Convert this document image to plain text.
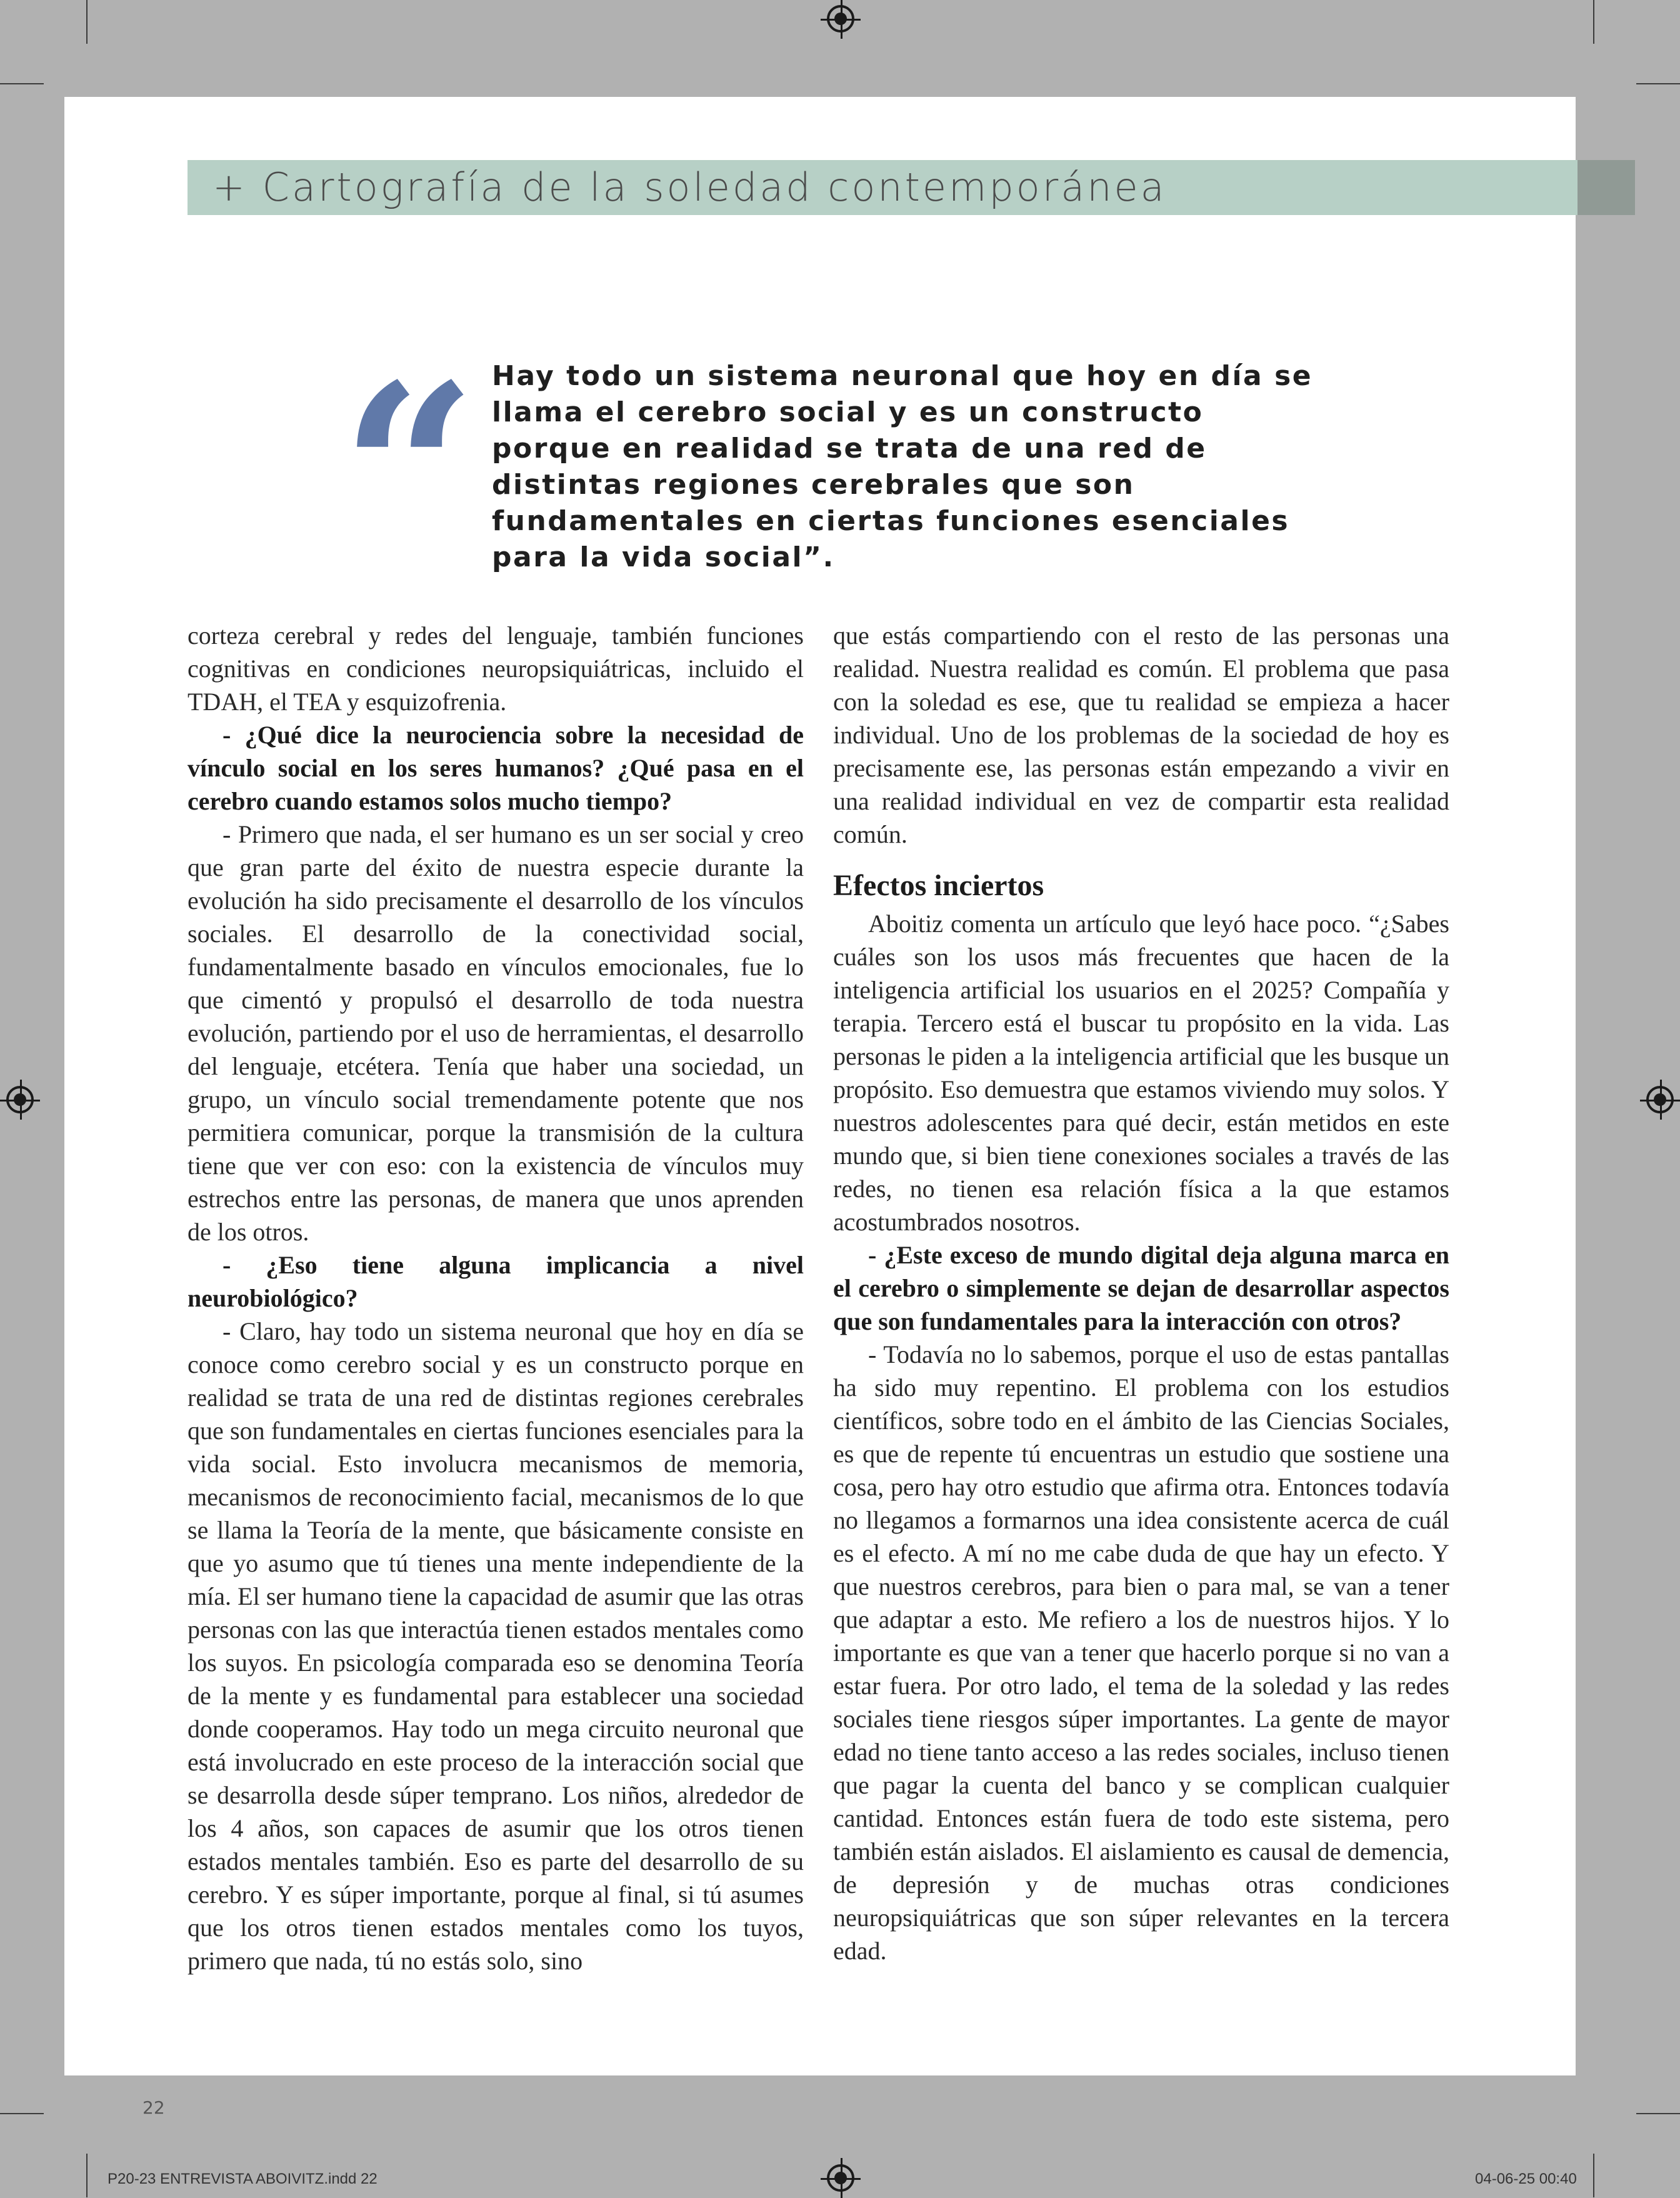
+ Cartografía de la soledad contemporánea
“ Hay todo un sistema neuronal que hoy en día se llama el cerebro social y es un constructo porque en realidad se trata de una red de distintas regiones cerebrales que son fundamentales en ciertas funciones esenciales para la vida social”.

corteza cerebral y redes del lenguaje, también funciones cognitivas en condiciones neuropsiquiátricas, incluido el TDAH, el TEA y esquizofrenia.

- ¿Qué dice la neurociencia sobre la necesidad de vínculo social en los seres humanos? ¿Qué pasa en el cerebro cuando estamos solos mucho tiempo?

- Primero que nada, el ser humano es un ser social y creo que gran parte del éxito de nuestra especie durante la evolución ha sido precisamente el desarrollo de los vínculos sociales. El desarrollo de la conectividad social, fundamentalmente basado en vínculos emocionales, fue lo que cimentó y propulsó el desarrollo de toda nuestra evolución, partiendo por el uso de herramientas, el desarrollo del lenguaje, etcétera. Tenía que haber una sociedad, un grupo, un vínculo social tremendamente potente que nos permitiera comunicar, porque la transmisión de la cultura tiene que ver con eso: con la existencia de vínculos muy estrechos entre las personas, de manera que unos aprenden de los otros.

- ¿Eso tiene alguna implicancia a nivel neurobiológico?

- Claro, hay todo un sistema neuronal que hoy en día se conoce como cerebro social y es un constructo porque en realidad se trata de una red de distintas regiones cerebrales que son fundamentales en ciertas funciones esenciales para la vida social. Esto involucra mecanismos de memoria, mecanismos de reconocimiento facial, mecanismos de lo que se llama la Teoría de la mente, que básicamente consiste en que yo asumo que tú tienes una mente independiente de la mía. El ser humano tiene la capacidad de asumir que las otras personas con las que interactúa tienen estados mentales como los suyos. En psicología comparada eso se denomina Teoría de la mente y es fundamental para establecer una sociedad donde cooperamos. Hay todo un mega circuito neuronal que está involucrado en este proceso de la interacción social que se desarrolla desde súper temprano. Los niños, alrededor de los 4 años, son capaces de asumir que los otros tienen estados mentales también. Eso es parte del desarrollo de su cerebro. Y es súper importante, porque al final, si tú asumes que los otros tienen estados mentales como los tuyos, primero que nada, tú no estás solo, sino

que estás compartiendo con el resto de las personas una realidad. Nuestra realidad es común. El problema que pasa con la soledad es ese, que tu realidad se empieza a hacer individual. Uno de los problemas de la sociedad de hoy es precisamente ese, las personas están empezando a vivir en una realidad individual en vez de compartir esta realidad común.

Efectos inciertos

Aboitiz comenta un artículo que leyó hace poco. “¿Sabes cuáles son los usos más frecuentes que hacen de la inteligencia artificial los usuarios en el 2025? Compañía y terapia. Tercero está el buscar tu propósito en la vida. Las personas le piden a la inteligencia artificial que les busque un propósito. Eso demuestra que estamos viviendo muy solos. Y nuestros adolescentes para qué decir, están metidos en este mundo que, si bien tiene conexiones sociales a través de las redes, no tienen esa relación física a la que estamos acostumbrados nosotros.

- ¿Este exceso de mundo digital deja alguna marca en el cerebro o simplemente se dejan de desarrollar aspectos que son fundamentales para la interacción con otros?

- Todavía no lo sabemos, porque el uso de estas pantallas ha sido muy repentino. El problema con los estudios científicos, sobre todo en el ámbito de las Ciencias Sociales, es que de repente tú encuentras un estudio que sostiene una cosa, pero hay otro estudio que afirma otra. Entonces todavía no llegamos a formarnos una idea consistente acerca de cuál es el efecto. A mí no me cabe duda de que hay un efecto. Y que nuestros cerebros, para bien o para mal, se van a tener que adaptar a esto. Me refiero a los de nuestros hijos. Y lo importante es que van a tener que hacerlo porque si no van a estar fuera. Por otro lado, el tema de la soledad y las redes sociales tiene riesgos súper importantes. La gente de mayor edad no tiene tanto acceso a las redes sociales, incluso tienen que pagar la cuenta del banco y se complican cualquier cantidad. Entonces están fuera de todo este sistema, pero también están aislados. El aislamiento es causal de demencia, de depresión y de muchas otras condiciones neuropsiquiátricas que son súper relevantes en la tercera edad.

22
P20-23 ENTREVISTA ABOIVITZ.indd 22	04-06-25 00:40
